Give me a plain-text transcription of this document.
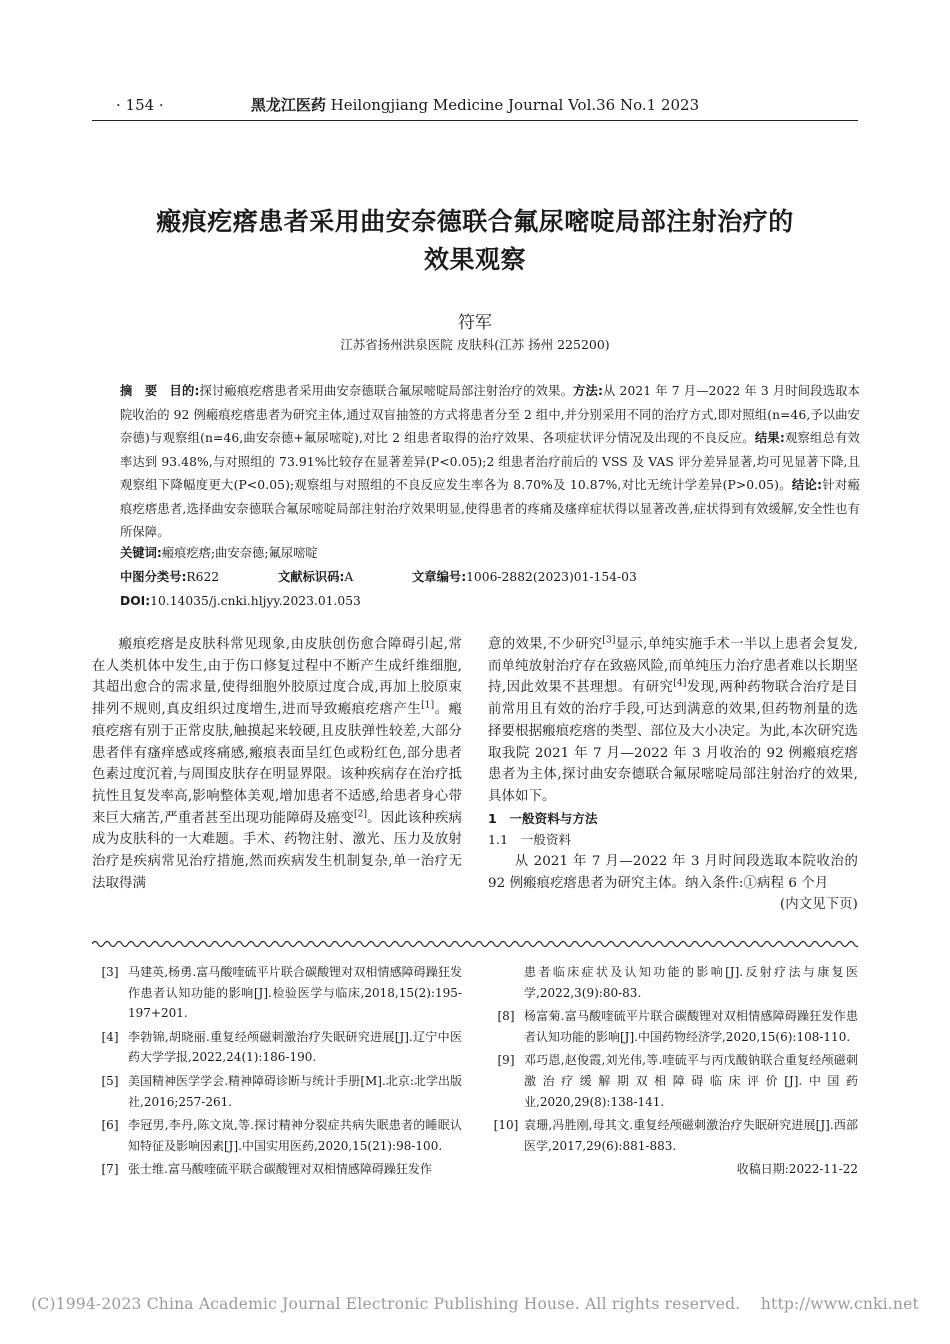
· 154 ·	黑龙江医药 Heilongjiang Medicine Journal Vol.36 No.1 2023
瘢痕疙瘩患者采用曲安奈德联合氟尿嘧啶局部注射治疗的
效果观察
符军
江苏省扬州洪泉医院 皮肤科(江苏 扬州 225200)
摘　要 目的:探讨瘢痕疙瘩患者采用曲安奈德联合氟尿嘧啶局部注射治疗的效果。方法:从 2021 年 7 月—2022 年 3 月时间段选取本院收治的 92 例瘢痕疙瘩患者为研究主体,通过双盲抽签的方式将患者分至 2 组中,并分别采用不同的治疗方式,即对照组(n=46,予以曲安奈德)与观察组(n=46,曲安奈德+氟尿嘧啶),对比 2 组患者取得的治疗效果、各项症状评分情况及出现的不良反应。结果:观察组总有效率达到 93.48%,与对照组的 73.91%比较存在显著差异(P<0.05);2 组患者治疗前后的 VSS 及 VAS 评分差异显著,均可见显著下降,且观察组下降幅度更大(P<0.05);观察组与对照组的不良反应发生率各为 8.70%及 10.87%,对比无统计学差异(P>0.05)。结论:针对瘢痕疙瘩患者,选择曲安奈德联合氟尿嘧啶局部注射治疗效果明显,使得患者的疼痛及瘙痒症状得以显著改善,症状得到有效缓解,安全性也有所保障。
关键词:瘢痕疙瘩;曲安奈德;氟尿嘧啶
中图分类号:R622	文献标识码:A	文章编号:1006-2882(2023)01-154-03
DOI:10.14035/j.cnki.hljyy.2023.01.053

瘢痕疙瘩是皮肤科常见现象,由皮肤创伤愈合障碍引起,常在人类机体中发生,由于伤口修复过程中不断产生成纤维细胞,其超出愈合的需求量,使得细胞外胶原过度合成,再加上胶原束排列不规则,真皮组织过度增生,进而导致瘢痕疙瘩产生[1]。瘢痕疙瘩有别于正常皮肤,触摸起来较硬,且皮肤弹性较差,大部分患者伴有瘙痒感或疼痛感,瘢痕表面呈红色或粉红色,部分患者色素过度沉着,与周围皮肤存在明显界限。该种疾病存在治疗抵抗性且复发率高,影响整体美观,增加患者不适感,给患者身心带来巨大痛苦,严重者甚至出现功能障碍及癌变[2]。因此该种疾病成为皮肤科的一大难题。手术、药物注射、激光、压力及放射治疗是疾病常见治疗措施,然而疾病发生机制复杂,单一治疗无法取得满

意的效果,不少研究[3]显示,单纯实施手术一半以上患者会复发,而单纯放射治疗存在致癌风险,而单纯压力治疗患者难以长期坚持,因此效果不甚理想。有研究[4]发现,两种药物联合治疗是目前常用且有效的治疗手段,可达到满意的效果,但药物剂量的选择要根据瘢痕疙瘩的类型、部位及大小决定。为此,本次研究选取我院 2021 年 7 月—2022 年 3 月收治的 92 例瘢痕疙瘩患者为主体,探讨曲安奈德联合氟尿嘧啶局部注射治疗的效果,具体如下。

1　一般资料与方法

1.1　一般资料

从 2021 年 7 月—2022 年 3 月时间段选取本院收治的 92 例瘢痕疙瘩患者为研究主体。纳入条件:①病程 6 个月

(内文见下页)

[3] 马建英,杨勇.富马酸喹硫平片联合碳酸锂对双相情感障碍躁狂发作患者认知功能的影响[J].检验医学与临床,2018,15(2):195-197+201.
[4] 李勃锦,胡晓丽.重复经颅磁刺激治疗失眠研究进展[J].辽宁中医药大学学报,2022,24(1):186-190.
[5] 美国精神医学学会.精神障碍诊断与统计手册[M].北京:北学出版社,2016;257-261.
[6] 李冠男,李丹,陈文岚,等.探讨精神分裂症共病失眠患者的睡眠认知特征及影响因素[J].中国实用医药,2020,15(21):98-100.
[7] 张士维.富马酸喹硫平联合碳酸锂对双相情感障碍躁狂发作
患者临床症状及认知功能的影响[J].反射疗法与康复医学,2022,3(9):80-83.
[8] 杨富菊.富马酸喹硫平片联合碳酸锂对双相情感障碍躁狂发作患者认知功能的影响[J].中国药物经济学,2020,15(6):108-110.
[9] 邓巧恩,赵俊霞,刘光伟,等.喹硫平与丙戊酸钠联合重复经颅磁刺激治疗缓解期双相障碍临床评价[J].中国药业,2020,29(8):138-141.
[10] 袁珊,冯胜刚,母其文.重复经颅磁刺激治疗失眠研究进展[J].西部医学,2017,29(6):881-883.
收稿日期:2022-11-22
(C)1994-2023 China Academic Journal Electronic Publishing House. All rights reserved.    http://www.cnki.net
